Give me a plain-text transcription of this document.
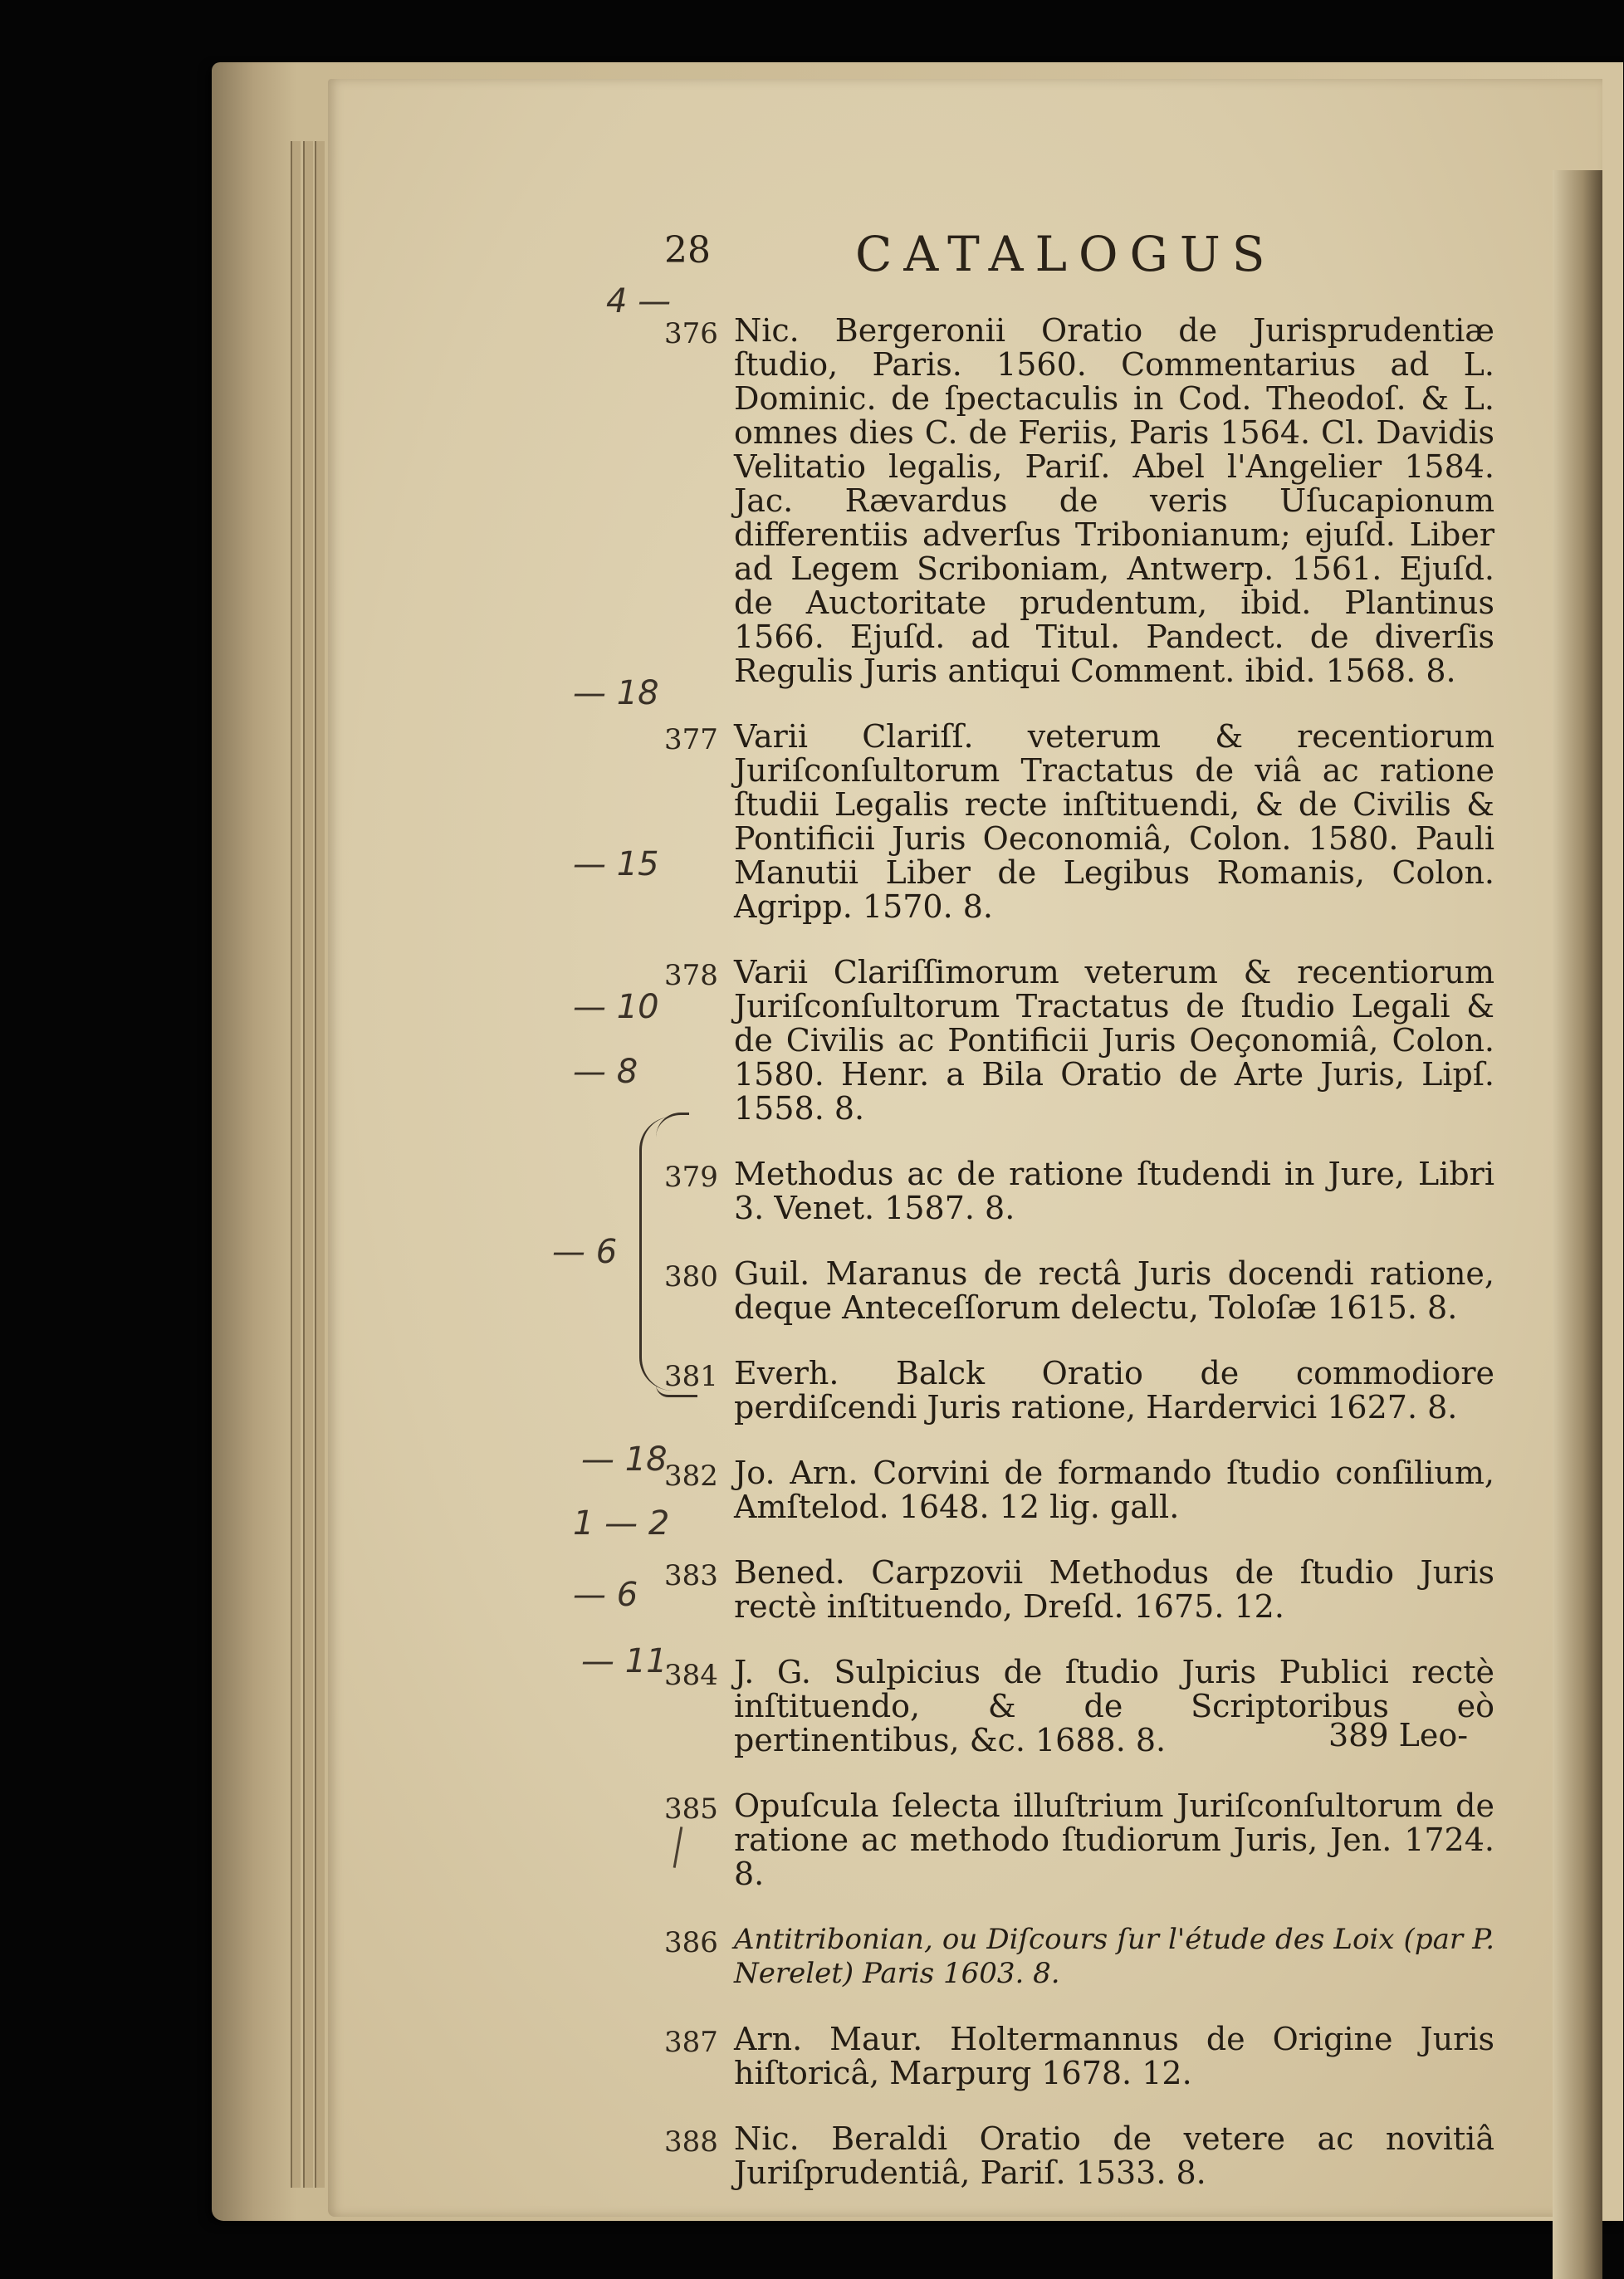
28	CATALOGUS
376 Nic. Bergeronii Oratio de Jurisprudentiæ ſtudio, Paris. 1560. Commentarius ad L. Dominic. de ſpectaculis in Cod. Theodoſ. & L. omnes dies C. de Feriis, Paris 1564. Cl. Davidis Velitatio legalis, Pariſ. Abel l'Angelier 1584. Jac. Rævardus de veris Uſucapionum differentiis adverſus Tribonianum; ejuſd. Liber ad Legem Scriboniam, Antwerp. 1561. Ejuſd. de Auctoritate prudentum, ibid. Plantinus 1566. Ejuſd. ad Titul. Pandect. de diverſis Regulis Juris antiqui Comment. ibid. 1568. 8.

377 Varii Clariſſ. veterum & recentiorum Juriſconſultorum Tractatus de viâ ac ratione ſtudii Legalis recte inſtituendi, & de Civilis & Pontificii Juris Oeconomiâ, Colon. 1580. Pauli Manutii Liber de Legibus Romanis, Colon. Agripp. 1570. 8.

378 Varii Clariſſimorum veterum & recentiorum Juriſconſultorum Tractatus de ſtudio Legali & de Civilis ac Pontificii Juris Oeçonomiâ, Colon. 1580. Henr. a Bila Oratio de Arte Juris, Lipſ. 1558. 8.

379 Methodus ac de ratione ſtudendi in Jure, Libri 3. Venet. 1587. 8.

380 Guil. Maranus de rectâ Juris docendi ratione, deque Anteceſſorum delectu, Toloſæ 1615. 8.

381 Everh. Balck Oratio de commodiore perdiſcendi Juris ratione, Hardervici 1627. 8.

382 Jo. Arn. Corvini de formando ſtudio conſilium, Amſtelod. 1648. 12 lig. gall.

383 Bened. Carpzovii Methodus de ſtudio Juris rectè inſtituendo, Dreſd. 1675. 12.

384 J. G. Sulpicius de ſtudio Juris Publici rectè inſtituendo, & de Scriptoribus eò pertinentibus, &c. 1688. 8.

385 Opuſcula ſelecta illuſtrium Juriſconſultorum de ratione ac methodo ſtudiorum Juris, Jen. 1724. 8.

386 Antitribonian, ou Diſcours ſur l'étude des Loix (par P. Nerelet) Paris 1603. 8.

387 Arn. Maur. Holtermannus de Origine Juris hiſtoricâ, Marpurg 1678. 12.

388 Nic. Beraldi Oratio de vetere ac novitiâ Juriſprudentiâ, Pariſ. 1533. 8.

389 Leo-
4 —
— 18
— 15
— 10
— 8
— 6
— 18
1 — 2
— 6
— 11
